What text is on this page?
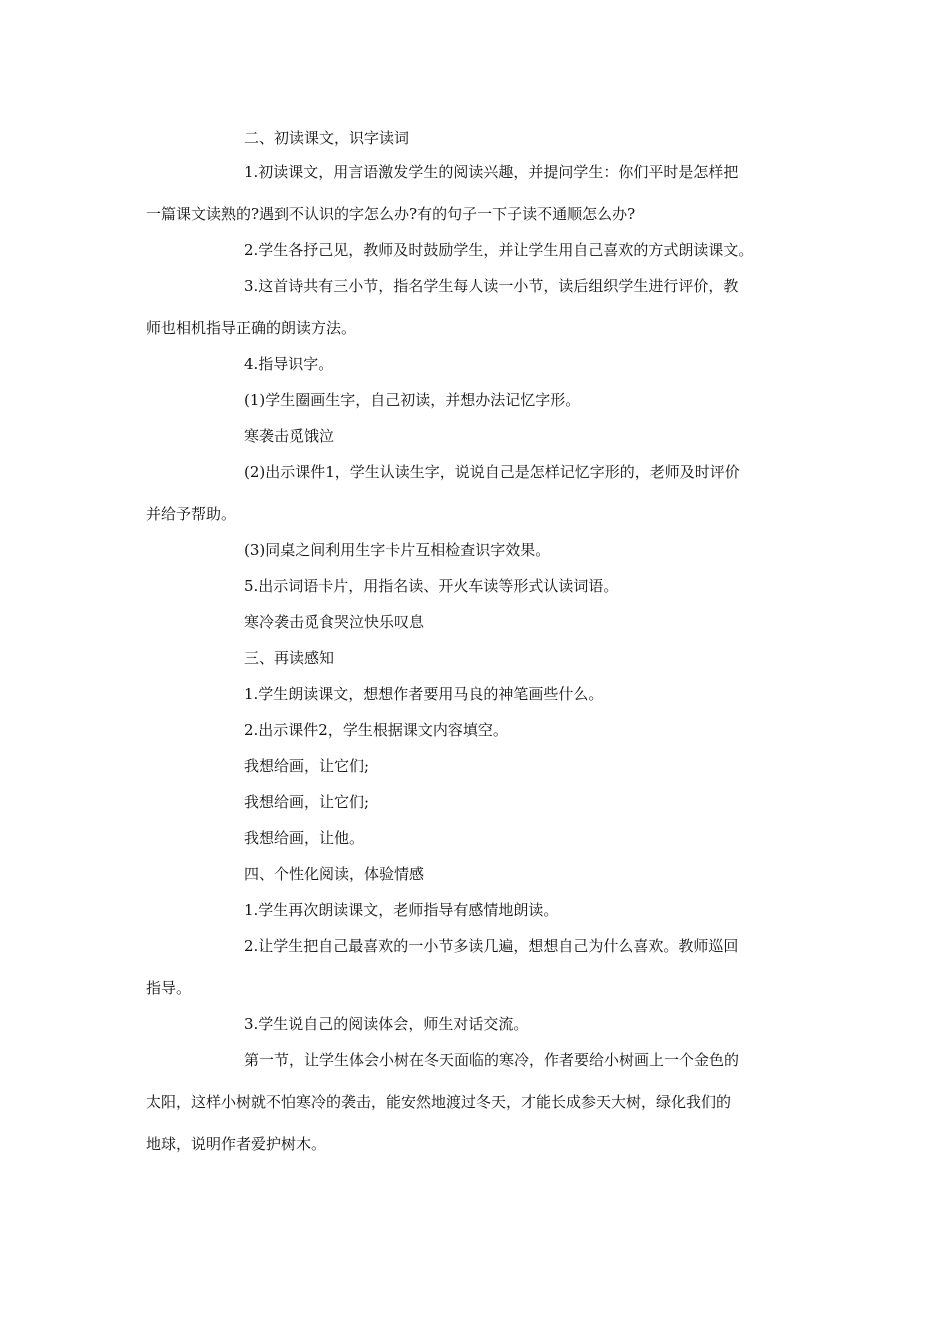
二、初读课文，识字读词
1.初读课文，用言语激发学生的阅读兴趣，并提问学生：你们平时是怎样把
一篇课文读熟的?遇到不认识的字怎么办?有的句子一下子读不通顺怎么办?
2.学生各抒己见，教师及时鼓励学生，并让学生用自己喜欢的方式朗读课文。
3.这首诗共有三小节，指名学生每人读一小节，读后组织学生进行评价，教
师也相机指导正确的朗读方法。
4.指导识字。
(1)学生圈画生字，自己初读，并想办法记忆字形。
寒袭击觅饿泣
(2)出示课件1，学生认读生字，说说自己是怎样记忆字形的，老师及时评价
并给予帮助。
(3)同桌之间利用生字卡片互相检查识字效果。
5.出示词语卡片，用指名读、开火车读等形式认读词语。
寒冷袭击觅食哭泣快乐叹息
三、再读感知
1.学生朗读课文，想想作者要用马良的神笔画些什么。
2.出示课件2，学生根据课文内容填空。
我想给画，让它们;
我想给画，让它们;
我想给画，让他。
四、个性化阅读，体验情感
1.学生再次朗读课文，老师指导有感情地朗读。
2.让学生把自己最喜欢的一小节多读几遍，想想自己为什么喜欢。教师巡回
指导。
3.学生说自己的阅读体会，师生对话交流。
第一节，让学生体会小树在冬天面临的寒冷，作者要给小树画上一个金色的
太阳，这样小树就不怕寒冷的袭击，能安然地渡过冬天，才能长成参天大树，绿化我们的
地球，说明作者爱护树木。
